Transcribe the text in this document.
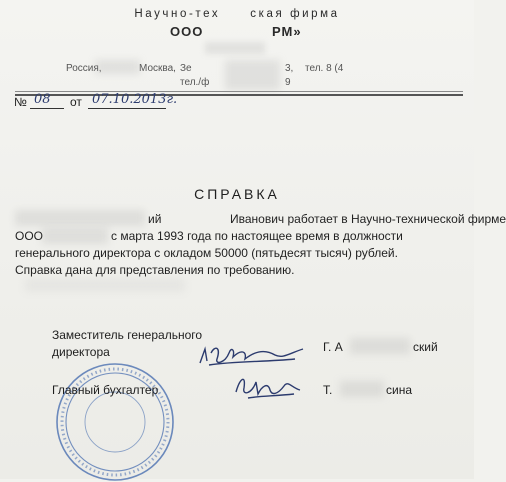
Научно-тех	ская фирма
ООО	РМ»
Россия,	Москва, Зе	3, тел. 8 (4
тел./ф	9
№ 08 от 07.10.2013г.
СПРАВКА
ий	Иванович работает в Научно-технической фирме
ООО	с марта 1993 года по настоящее время в должности
генерального директора с окладом 50000 (пятьдесят тысяч) рублей.
Справка дана для представления по требованию.
Заместитель генерального
директора	Г. А	ский
Главный бухгалтер	Т.	сина
